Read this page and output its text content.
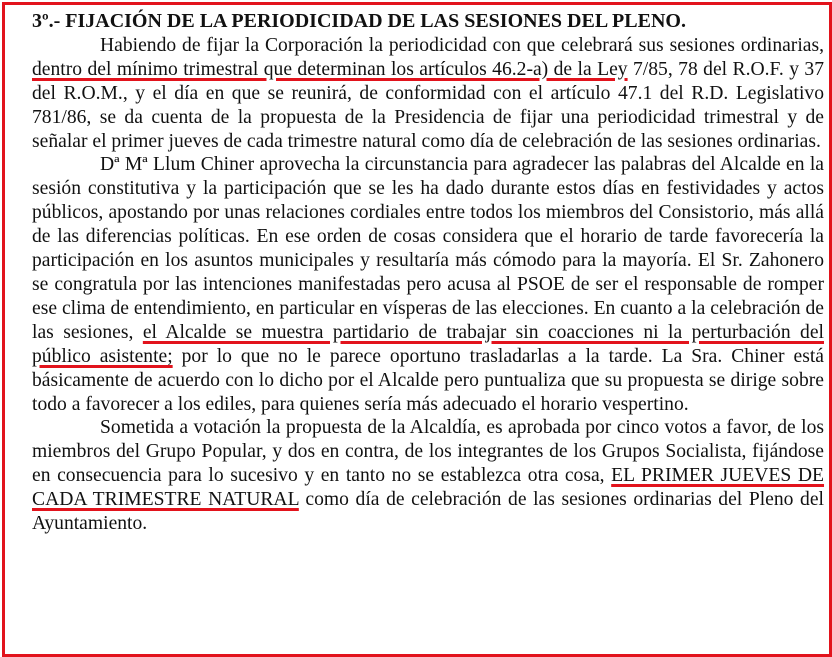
3º.- FIJACIÓN DE LA PERIODICIDAD DE LAS SESIONES DEL PLENO.

Habiendo de fijar la Corporación la periodicidad con que celebrará sus sesiones ordinarias, dentro del mínimo trimestral que determinan los artículos 46.2-a) de la Ley 7/85, 78 del R.O.F. y 37 del R.O.M., y el día en que se reunirá, de conformidad con el artículo 47.1 del R.D. Legislativo 781/86, se da cuenta de la propuesta de la Presidencia de fijar una periodicidad trimestral y de señalar el primer jueves de cada trimestre natural como día de celebración de las sesiones ordinarias.

Dª Mª Llum Chiner aprovecha la circunstancia para agradecer las palabras del Alcalde en la sesión constitutiva y la participación que se les ha dado durante estos días en festividades y actos públicos, apostando por unas relaciones cordiales entre todos los miembros del Consistorio, más allá de las diferencias políticas. En ese orden de cosas considera que el horario de tarde favorecería la participación en los asuntos municipales y resultaría más cómodo para la mayoría. El Sr. Zahonero se congratula por las intenciones manifestadas pero acusa al PSOE de ser el responsable de romper ese clima de entendimiento, en particular en vísperas de las elecciones. En cuanto a la celebración de las sesiones, el Alcalde se muestra partidario de trabajar sin coacciones ni la perturbación del público asistente; por lo que no le parece oportuno trasladarlas a la tarde. La Sra. Chiner está básicamente de acuerdo con lo dicho por el Alcalde pero puntualiza que su propuesta se dirige sobre todo a favorecer a los ediles, para quienes sería más adecuado el horario vespertino.

Sometida a votación la propuesta de la Alcaldía, es aprobada por cinco votos a favor, de los miembros del Grupo Popular, y dos en contra, de los integrantes de los Grupos Socialista, fijándose en consecuencia para lo sucesivo y en tanto no se establezca otra cosa, EL PRIMER JUEVES DE CADA TRIMESTRE NATURAL como día de celebración de las sesiones ordinarias del Pleno del Ayuntamiento.
